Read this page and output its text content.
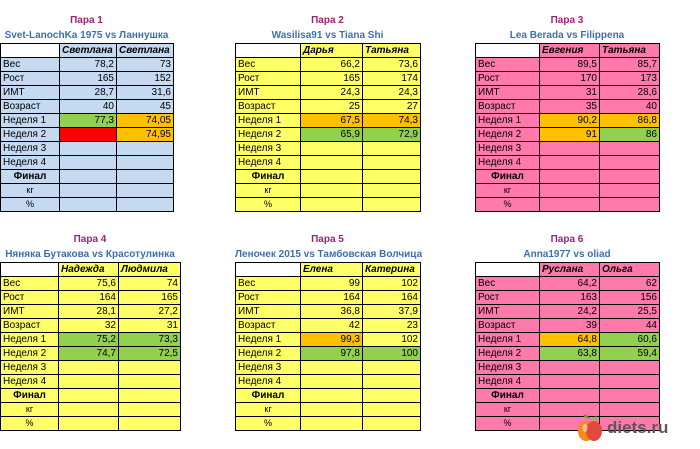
Пара 1
Svet-LanochKa 1975 vs Ланнушка
	Светлана	Светлана
Вес	78,2	73
Рост	165	152
ИМТ	28,7	31,6
Возраст	40	45
Неделя 1	77,3	74,05
Неделя 2		74,95
Неделя 3		
Неделя 4		
Финал		
кг		
%		
Пара 2
Wasilisa91 vs Tiana Shi
	Дарья	Татьяна
Вес	66,2	73,6
Рост	165	174
ИМТ	24,3	24,3
Возраст	25	27
Неделя 1	67,5	74,3
Неделя 2	65,9	72,9
Неделя 3		
Неделя 4		
Финал		
кг		
%		
Пара 3
Lea Berada vs Filippena
	Евгения	Татьяна
Вес	89,5	85,7
Рост	170	173
ИМТ	31	28,6
Возраст	35	40
Неделя 1	90,2	86,8
Неделя 2	91	86
Неделя 3		
Неделя 4		
Финал		
кг		
%		
Пара 4
Няняка Бутакова vs Красотулинка
	Надежда	Людмила
Вес	75,6	74
Рост	164	165
ИМТ	28,1	27,2
Возраст	32	31
Неделя 1	75,2	73,3
Неделя 2	74,7	72,5
Неделя 3		
Неделя 4		
Финал		
кг		
%		
Пара 5
Леночек 2015 vs Тамбовская Волчица
	Елена	Катерина
Вес	99	102
Рост	164	164
ИМТ	36,8	37,9
Возраст	42	23
Неделя 1	99,3	102
Неделя 2	97,8	100
Неделя 3		
Неделя 4		
Финал		
кг		
%		
Пара 6
Anna1977 vs oliad
	Руслана	Ольга
Вес	64,2	62
Рост	163	156
ИМТ	24,2	25,5
Возраст	39	44
Неделя 1	64,8	60,6
Неделя 2	63,8	59,4
Неделя 3		
Неделя 4		
Финал		
кг		
%			diets.ru
